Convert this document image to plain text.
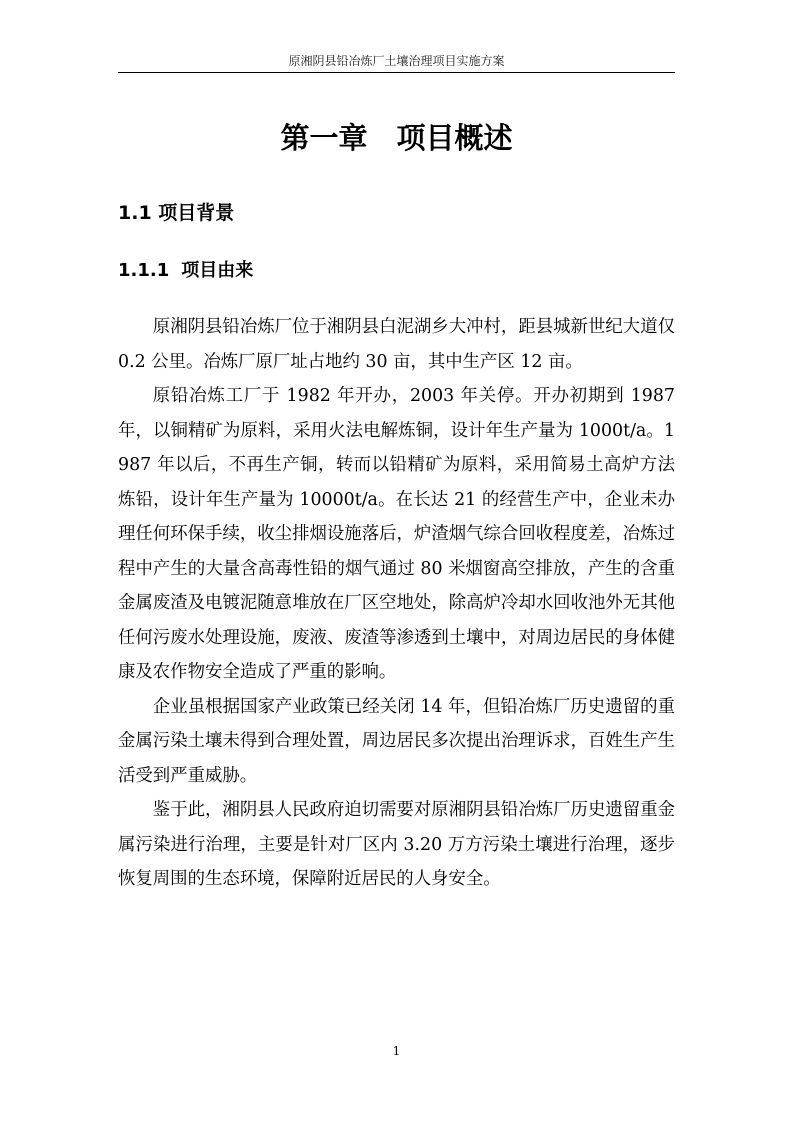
原湘阴县铅冶炼厂土壤治理项目实施方案
第一章　项目概述
1.1 项目背景
1.1.1 项目由来

原湘阴县铅冶炼厂位于湘阴县白泥湖乡大冲村，距县城新世纪大道仅 0.2 公里。冶炼厂原厂址占地约 30 亩，其中生产区 12 亩。

原铅冶炼工厂于 1982 年开办，2003 年关停。开办初期到 1987 年，以铜精矿为原料，采用火法电解炼铜，设计年生产量为 1000t/a。1987 年以后，不再生产铜，转而以铅精矿为原料，采用简易土高炉方法炼铅，设计年生产量为 10000t/a。在长达 21 的经营生产中，企业未办理任何环保手续，收尘排烟设施落后，炉渣烟气综合回收程度差，冶炼过程中产生的大量含高毒性铅的烟气通过 80 米烟窗高空排放，产生的含重金属废渣及电镀泥随意堆放在厂区空地处，除高炉冷却水回收池外无其他任何污废水处理设施，废液、废渣等渗透到土壤中，对周边居民的身体健康及农作物安全造成了严重的影响。

企业虽根据国家产业政策已经关闭 14 年，但铅冶炼厂历史遗留的重金属污染土壤未得到合理处置，周边居民多次提出治理诉求，百姓生产生活受到严重威胁。

鉴于此，湘阴县人民政府迫切需要对原湘阴县铅冶炼厂历史遗留重金属污染进行治理，主要是针对厂区内 3.20 万方污染土壤进行治理，逐步恢复周围的生态环境，保障附近居民的人身安全。

1
